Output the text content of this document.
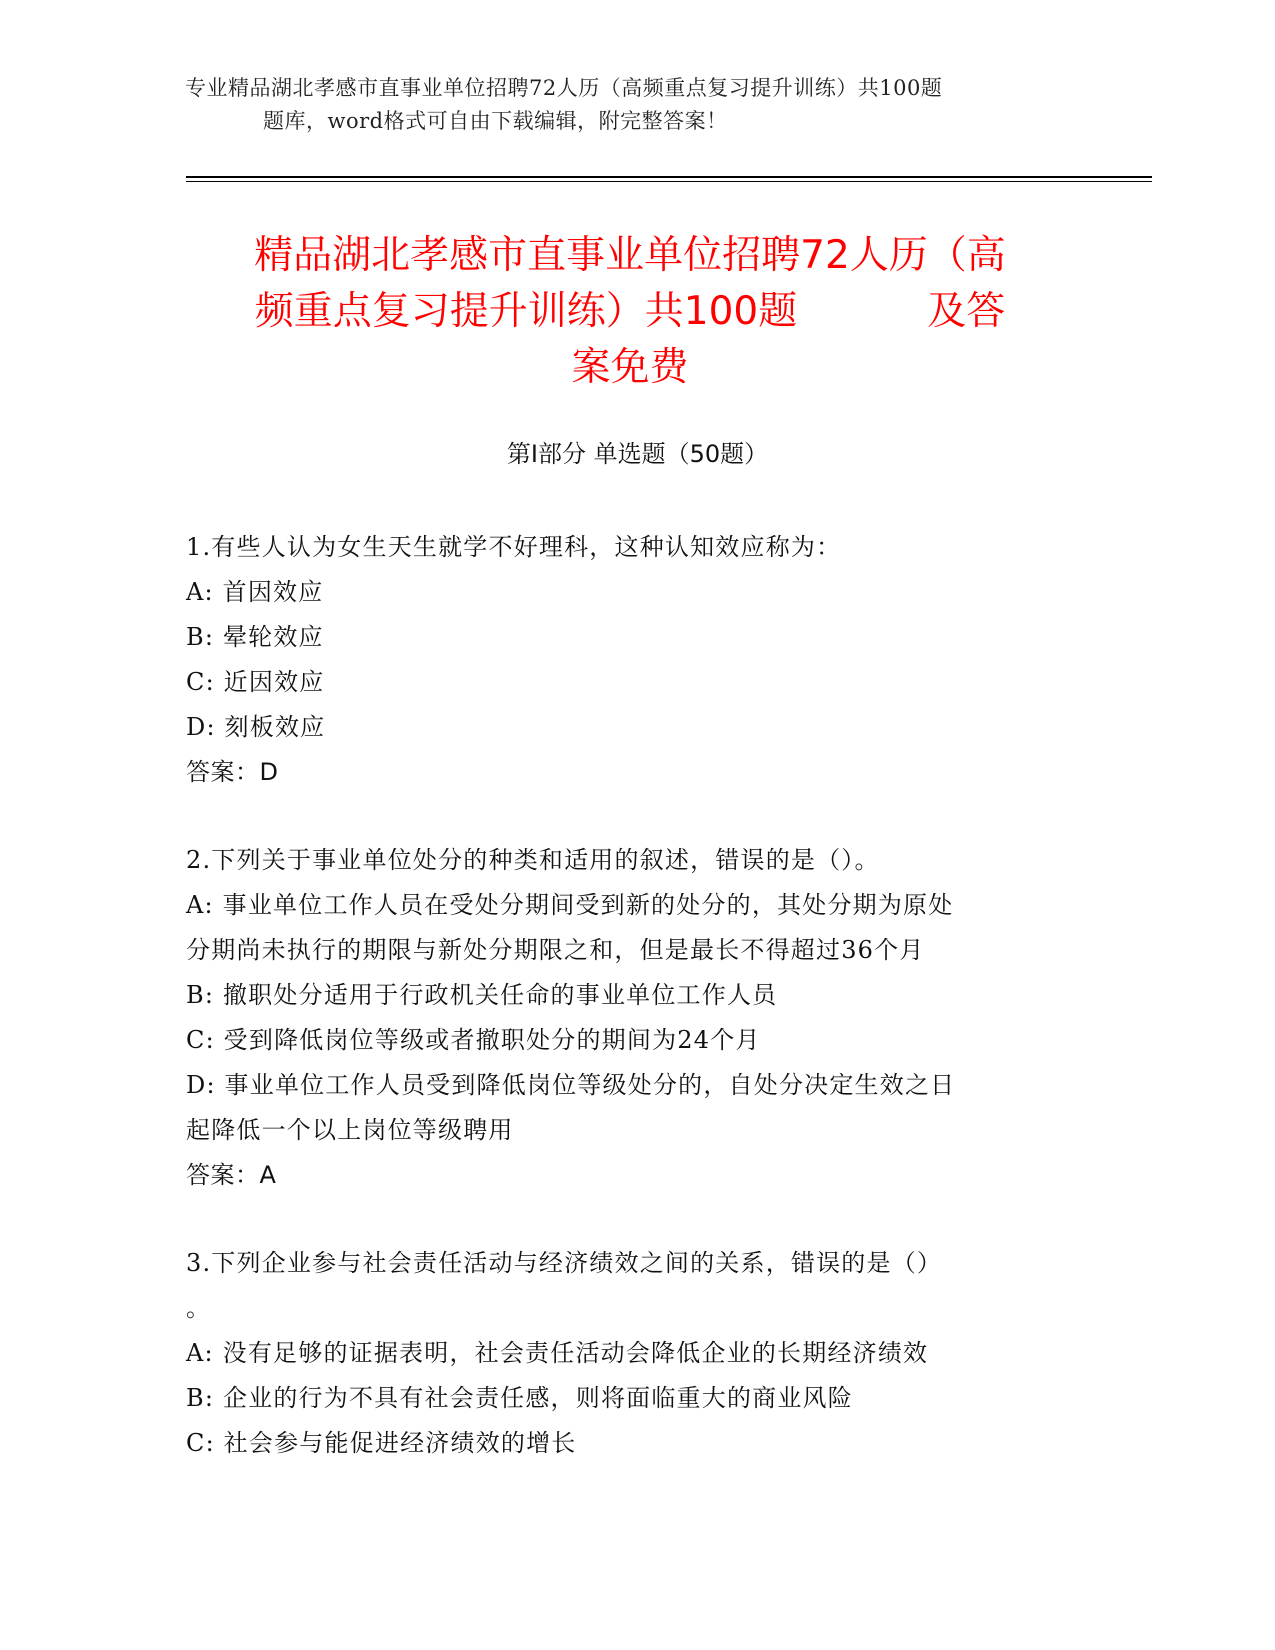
专业精品湖北孝感市直事业单位招聘72人历（高频重点复习提升训练）共100题
题库，word格式可自由下载编辑，附完整答案！
精品湖北孝感市直事业单位招聘72人历（高
频重点复习提升训练）共100题	及答
案免费
第Ⅰ部分 单选题（50题）
1.有些人认为女生天生就学不好理科，这种认知效应称为：
A: 首因效应
B: 晕轮效应
C: 近因效应
D: 刻板效应
答案：D
2.下列关于事业单位处分的种类和适用的叙述，错误的是（）。
A: 事业单位工作人员在受处分期间受到新的处分的，其处分期为原处
分期尚未执行的期限与新处分期限之和，但是最长不得超过36个月
B: 撤职处分适用于行政机关任命的事业单位工作人员
C: 受到降低岗位等级或者撤职处分的期间为24个月
D: 事业单位工作人员受到降低岗位等级处分的，自处分决定生效之日
起降低一个以上岗位等级聘用
答案：A
3.下列企业参与社会责任活动与经济绩效之间的关系，错误的是（）
。
A: 没有足够的证据表明，社会责任活动会降低企业的长期经济绩效
B: 企业的行为不具有社会责任感，则将面临重大的商业风险
C: 社会参与能促进经济绩效的增长
